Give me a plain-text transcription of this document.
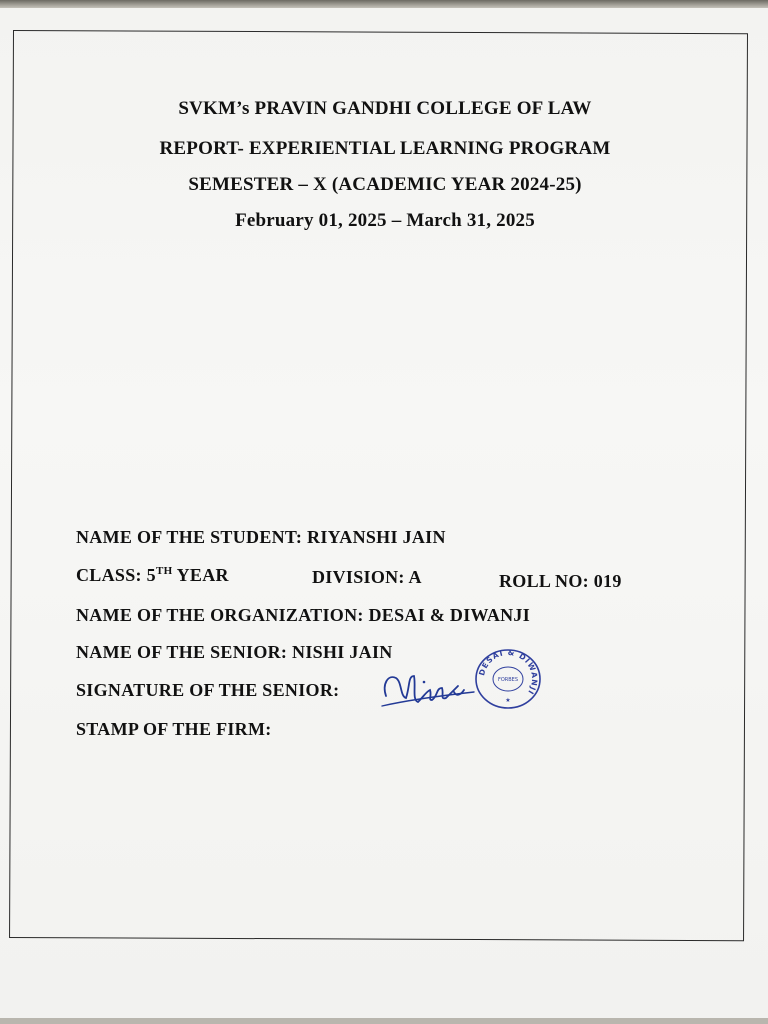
SVKM’s PRAVIN GANDHI COLLEGE OF LAW
REPORT- EXPERIENTIAL LEARNING PROGRAM
SEMESTER – X (ACADEMIC YEAR 2024-25)
February 01, 2025 – March 31, 2025
NAME OF THE STUDENT: RIYANSHI JAIN
CLASS: 5TH YEAR	DIVISION: A	ROLL NO: 019
NAME OF THE ORGANIZATION: DESAI & DIWANJI
NAME OF THE SENIOR: NISHI JAIN
SIGNATURE OF THE SENIOR:
DESAI & DIWANJI
FORBES
★
STAMP OF THE FIRM:
